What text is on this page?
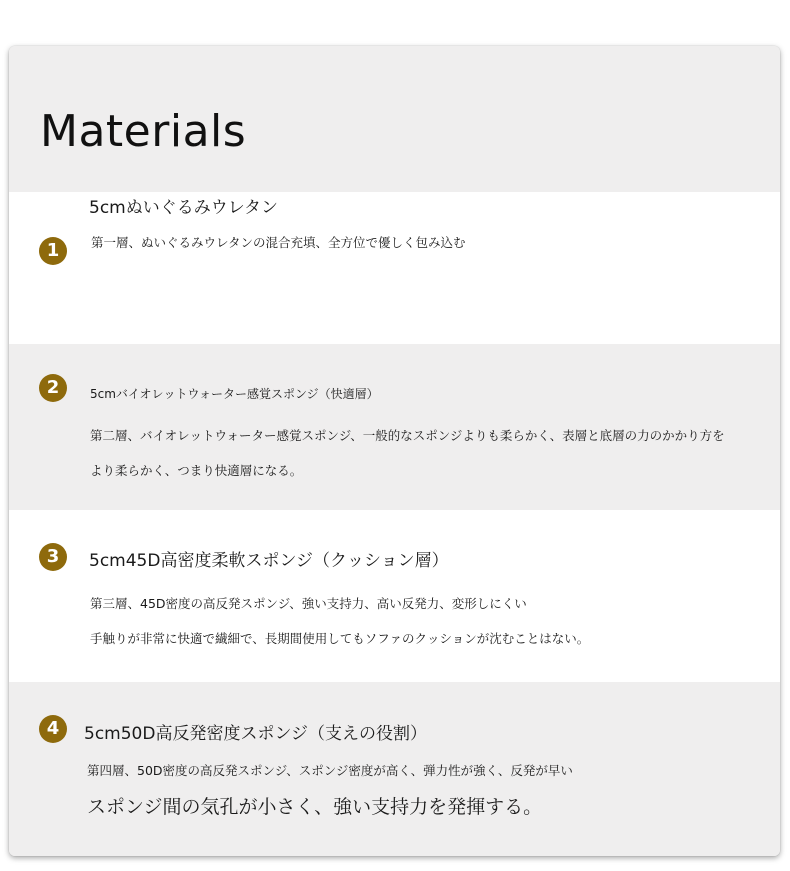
Materials
1

5cmぬいぐるみウレタン

第一層、ぬいぐるみウレタンの混合充填、全方位で優しく包み込む

2	5cmバイオレットウォーター感覚スポンジ（快適層）

第二層、バイオレットウォーター感覚スポンジ、一般的なスポンジよりも柔らかく、表層と底層の力のかかり方を

より柔らかく、つまり快適層になる。

3	5cm45D高密度柔軟スポンジ（クッション層）

第三層、45D密度の高反発スポンジ、強い支持力、高い反発力、変形しにくい

手触りが非常に快適で繊細で、長期間使用してもソファのクッションが沈むことはない。

4	5cm50D高反発密度スポンジ（支えの役割）

第四層、50D密度の高反発スポンジ、スポンジ密度が高く、弾力性が強く、反発が早い

スポンジ間の気孔が小さく、強い支持力を発揮する。
